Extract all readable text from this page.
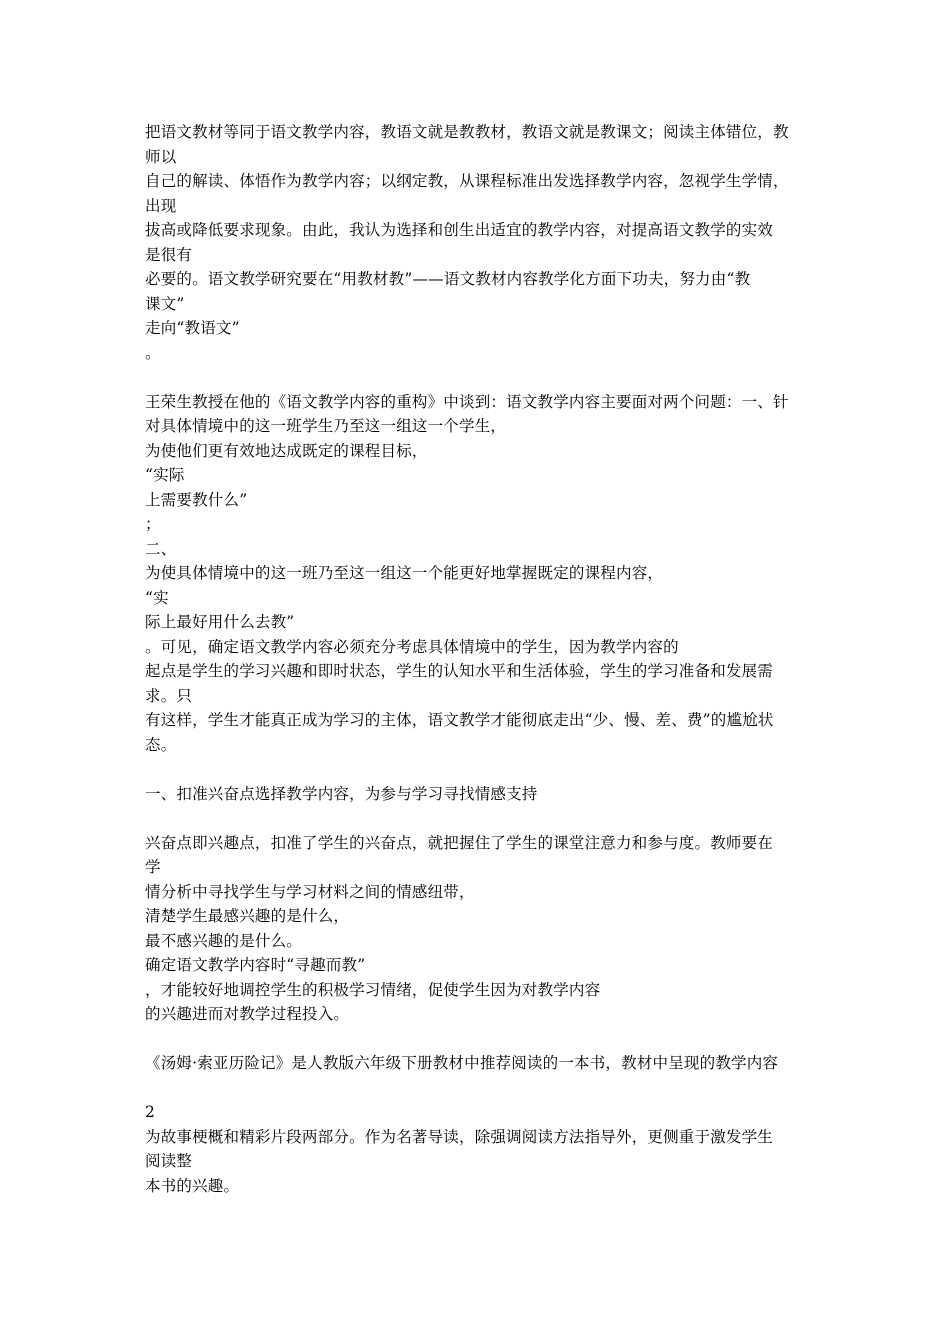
把语文教材等同于语文教学内容，教语文就是教教材，教语文就是教课文；阅读主体错位，教
师以
自己的解读、体悟作为教学内容；以纲定教，从课程标准出发选择教学内容，忽视学生学情，
出现
拔高或降低要求现象。由此，我认为选择和创生出适宜的教学内容，对提高语文教学的实效
是很有
必要的。语文教学研究要在“用教材教”——语文教材内容教学化方面下功夫，努力由“教
课文”
走向“教语文”
。
王荣生教授在他的《语文教学内容的重构》中谈到：语文教学内容主要面对两个问题：一、针
对具体情境中的这一班学生乃至这一组这一个学生，
为使他们更有效地达成既定的课程目标，
“实际
上需要教什么”
；
二、
为使具体情境中的这一班乃至这一组这一个能更好地掌握既定的课程内容，
“实
际上最好用什么去教”
。可见，确定语文教学内容必须充分考虑具体情境中的学生，因为教学内容的
起点是学生的学习兴趣和即时状态，学生的认知水平和生活体验，学生的学习准备和发展需
求。只
有这样，学生才能真正成为学习的主体，语文教学才能彻底走出“少、慢、差、费”的尴尬状
态。
一、扣准兴奋点选择教学内容，为参与学习寻找情感支持
兴奋点即兴趣点，扣准了学生的兴奋点，就把握住了学生的课堂注意力和参与度。教师要在
学
情分析中寻找学生与学习材料之间的情感纽带，
清楚学生最感兴趣的是什么，
最不感兴趣的是什么。
确定语文教学内容时“寻趣而教”
，才能较好地调控学生的积极学习情绪，促使学生因为对教学内容
的兴趣进而对教学过程投入。
《汤姆·索亚历险记》是人教版六年级下册教材中推荐阅读的一本书，教材中呈现的教学内容
2
为故事梗概和精彩片段两部分。作为名著导读，除强调阅读方法指导外，更侧重于激发学生
阅读整
本书的兴趣。
